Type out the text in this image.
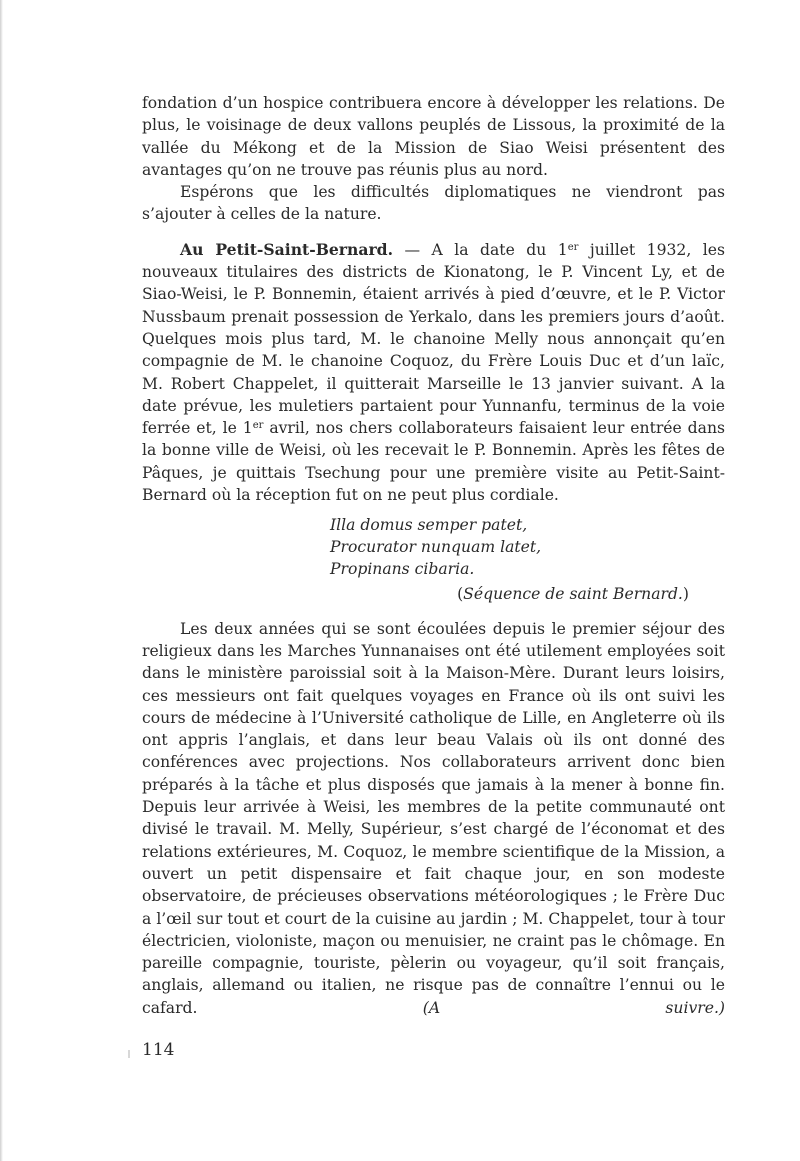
fondation d’un hospice contribuera encore à développer les relations. De plus, le voisinage de deux vallons peuplés de Lissous, la proximité de la vallée du Mékong et de la Mission de Siao Weisi présentent des avantages qu’on ne trouve pas réunis plus au nord.

Espérons que les difficultés diplomatiques ne viendront pas s’ajouter à celles de la nature.

Au Petit-Saint-Bernard. — A la date du 1er juillet 1932, les nouveaux titulaires des districts de Kionatong, le P. Vincent Ly, et de Siao-Weisi, le P. Bonnemin, étaient arrivés à pied d’œuvre, et le P. Victor Nussbaum prenait possession de Yerkalo, dans les premiers jours d’août. Quelques mois plus tard, M. le chanoine Melly nous annonçait qu’en compagnie de M. le chanoine Coquoz, du Frère Louis Duc et d’un laïc, M. Robert Chappelet, il quitterait Marseille le 13 janvier suivant. A la date prévue, les muletiers partaient pour Yunnanfu, terminus de la voie ferrée et, le 1er avril, nos chers collaborateurs faisaient leur entrée dans la bonne ville de Weisi, où les recevait le P. Bonnemin. Après les fêtes de Pâques, je quittais Tsechung pour une première visite au Petit-Saint-Bernard où la réception fut on ne peut plus cordiale.

Illa domus semper patet,
Procurator nunquam latet,
Propinans cibaria.
(Séquence de saint Bernard.)

Les deux années qui se sont écoulées depuis le premier séjour des religieux dans les Marches Yunnanaises ont été utilement employées soit dans le ministère paroissial soit à la Maison-Mère. Durant leurs loisirs, ces messieurs ont fait quelques voyages en France où ils ont suivi les cours de médecine à l’Université catholique de Lille, en Angleterre où ils ont appris l’anglais, et dans leur beau Valais où ils ont donné des conférences avec projections. Nos collaborateurs arrivent donc bien préparés à la tâche et plus disposés que jamais à la mener à bonne fin. Depuis leur arrivée à Weisi, les membres de la petite communauté ont divisé le travail. M. Melly, Supérieur, s’est chargé de l’économat et des relations extérieures, M. Coquoz, le membre scientifique de la Mission, a ouvert un petit dispensaire et fait chaque jour, en son modeste observatoire, de précieuses observations météorologiques ; le Frère Duc a l’œil sur tout et court de la cuisine au jardin ; M. Chappelet, tour à tour électricien, violoniste, maçon ou menuisier, ne craint pas le chômage. En pareille compagnie, touriste, pèlerin ou voyageur, qu’il soit français, anglais, allemand ou italien, ne risque pas de connaître l’ennui ou le cafard.	(A suivre.)

114
